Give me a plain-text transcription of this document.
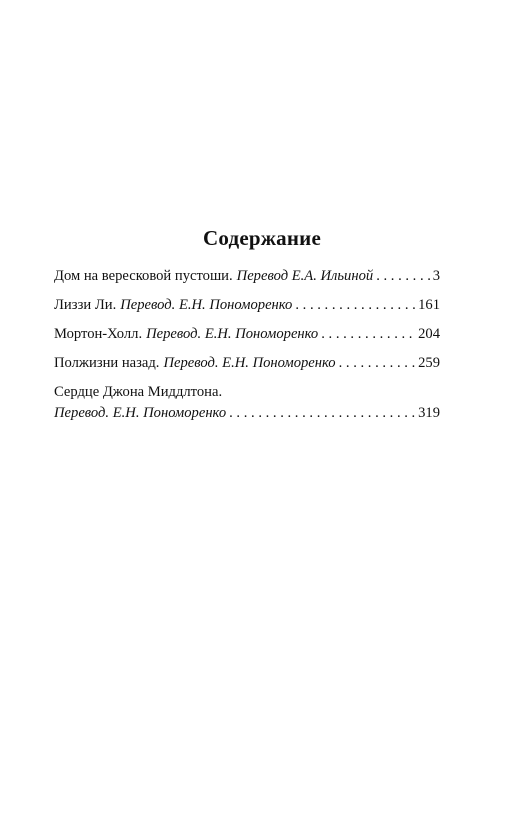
Содержание
Дом на вересковой пустоши. Перевод Е.А. Ильиной . . .	3
Лиззи Ли. Перевод. Е.Н. Пономоренко . . .	161
Мортон-Холл. Перевод. Е.Н. Пономоренко . . .	204
Полжизни назад. Перевод. Е.Н. Пономоренко . . .	259
Сердце Джона Миддлтона.
Перевод. Е.Н. Пономоренко . . .	319
